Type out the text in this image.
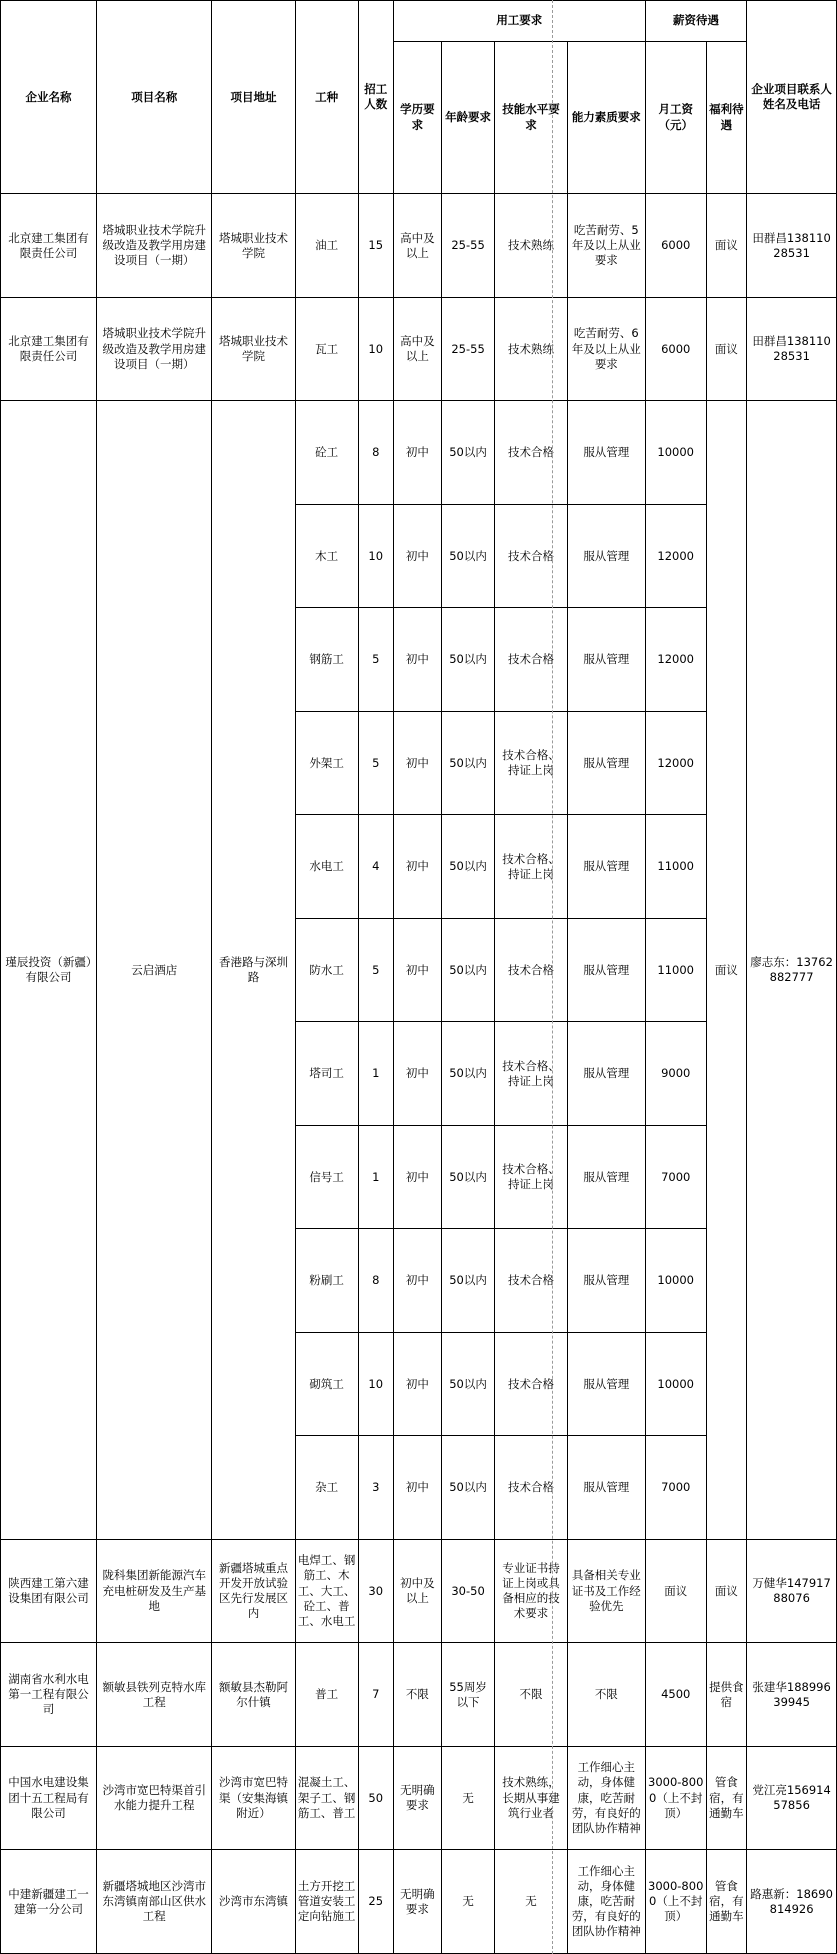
企业名称	项目名称	项目地址	工种	招工人数	用工要求				薪资待遇		企业项目联系人姓名及电话
					学历要求	年龄要求	技能水平要求	能力素质要求	月工资（元）	福利待遇	
北京建工集团有限责任公司	塔城职业技术学院升级改造及教学用房建设项目（一期）	塔城职业技术学院	油工	15	高中及以上	25-55	技术熟练	吃苦耐劳、5年及以上从业要求	6000	面议	田群昌13811028531
北京建工集团有限责任公司	塔城职业技术学院升级改造及教学用房建设项目（一期）	塔城职业技术学院	瓦工	10	高中及以上	25-55	技术熟练	吃苦耐劳、6年及以上从业要求	6000	面议	田群昌13811028531
瑾辰投资（新疆）有限公司	云启酒店	香港路与深圳路	砼工	8	初中	50以内	技术合格	服从管理	10000	面议	廖志东：13762882777
			木工	10	初中	50以内	技术合格	服从管理	12000		
			钢筋工	5	初中	50以内	技术合格	服从管理	12000		
			外架工	5	初中	50以内	技术合格、持证上岗	服从管理	12000		
			水电工	4	初中	50以内	技术合格、持证上岗	服从管理	11000		
			防水工	5	初中	50以内	技术合格	服从管理	11000		
			塔司工	1	初中	50以内	技术合格、持证上岗	服从管理	9000		
			信号工	1	初中	50以内	技术合格、持证上岗	服从管理	7000		
			粉刷工	8	初中	50以内	技术合格	服从管理	10000		
			砌筑工	10	初中	50以内	技术合格	服从管理	10000		
			杂工	3	初中	50以内	技术合格	服从管理	7000		
陕西建工第六建设集团有限公司	陇科集团新能源汽车充电桩研发及生产基地	新疆塔城重点开发开放试验区先行发展区内	电焊工、钢筋工、木工、大工、砼工、普工、水电工	30	初中及以上	30-50	专业证书持证上岗或具备相应的技术要求	具备相关专业证书及工作经验优先	面议	面议	万健华14791788076
湖南省水利水电第一工程有限公司	额敏县铁列克特水库工程	额敏县杰勒阿尔什镇	普工	7	不限	55周岁以下	不限	不限	4500	提供食宿	张建华18899639945
中国水电建设集团十五工程局有限公司	沙湾市宽巴特渠首引水能力提升工程	沙湾市宽巴特渠（安集海镇附近）	混凝土工、架子工、钢筋工、普工	50	无明确要求	无	技术熟练，长期从事建筑行业者	工作细心主动，身体健康，吃苦耐劳，有良好的团队协作精神	3000-8000（上不封顶）	管食宿，有通勤车	党江亮15691457856
中建新疆建工一建第一分公司	新疆塔城地区沙湾市东湾镇南部山区供水工程	沙湾市东湾镇	土方开挖工管道安装工定向钻施工	25	无明确要求	无	无	工作细心主动，身体健康，吃苦耐劳，有良好的团队协作精神	3000-8000（上不封顶）	管食宿，有通勤车	路惠新：18690814926
